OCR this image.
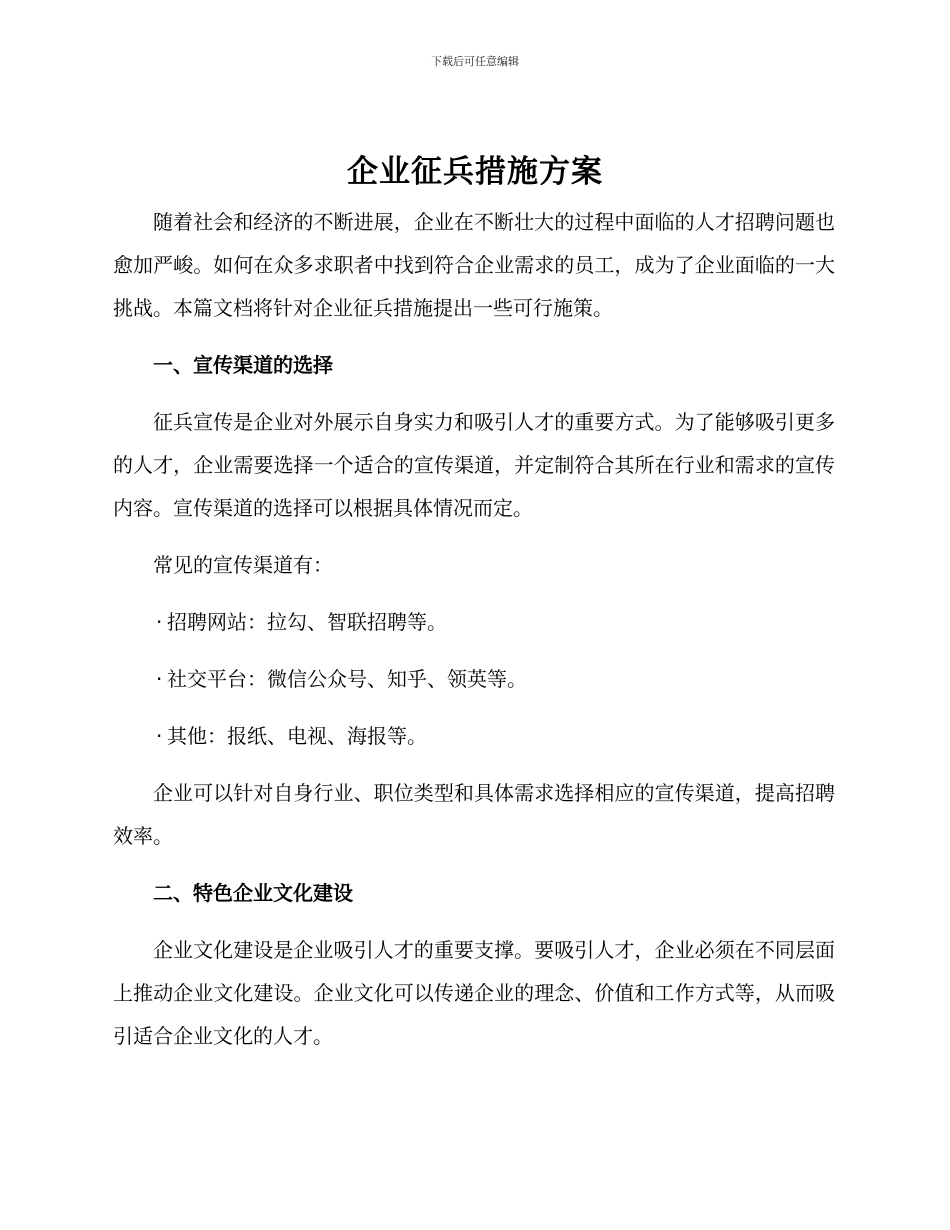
下载后可任意编辑
企业征兵措施方案

随着社会和经济的不断进展，企业在不断壮大的过程中面临的人才招聘问题也愈加严峻。如何在众多求职者中找到符合企业需求的员工，成为了企业面临的一大挑战。本篇文档将针对企业征兵措施提出一些可行施策。

一、宣传渠道的选择

征兵宣传是企业对外展示自身实力和吸引人才的重要方式。为了能够吸引更多的人才，企业需要选择一个适合的宣传渠道，并定制符合其所在行业和需求的宣传内容。宣传渠道的选择可以根据具体情况而定。

常见的宣传渠道有：
· 招聘网站：拉勾、智联招聘等。
· 社交平台：微信公众号、知乎、领英等。
· 其他：报纸、电视、海报等。

企业可以针对自身行业、职位类型和具体需求选择相应的宣传渠道，提高招聘效率。

二、特色企业文化建设

企业文化建设是企业吸引人才的重要支撑。要吸引人才，企业必须在不同层面上推动企业文化建设。企业文化可以传递企业的理念、价值和工作方式等，从而吸引适合企业文化的人才。
